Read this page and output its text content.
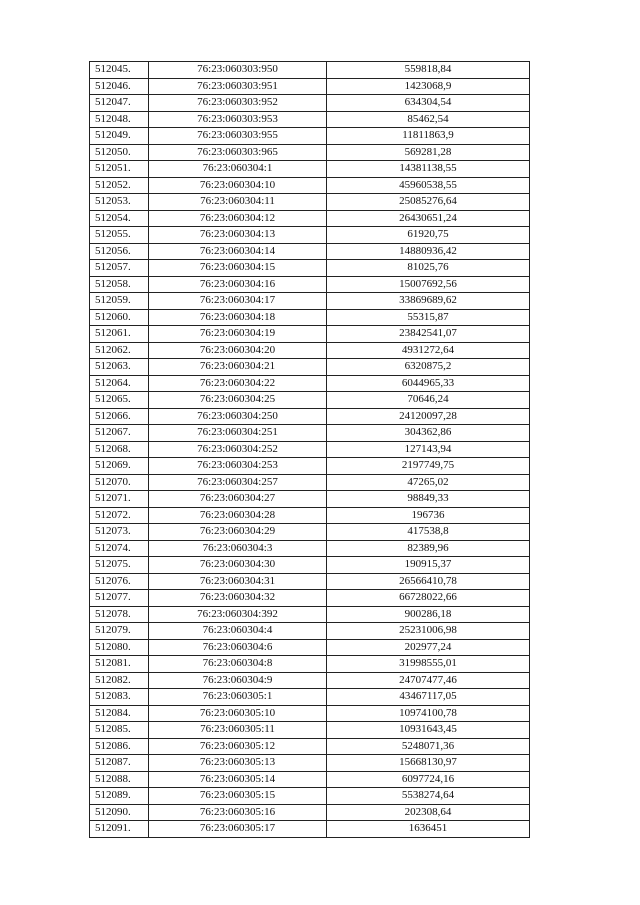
512045.	76:23:060303:950	559818,84
512046.	76:23:060303:951	1423068,9
512047.	76:23:060303:952	634304,54
512048.	76:23:060303:953	85462,54
512049.	76:23:060303:955	11811863,9
512050.	76:23:060303:965	569281,28
512051.	76:23:060304:1	14381138,55
512052.	76:23:060304:10	45960538,55
512053.	76:23:060304:11	25085276,64
512054.	76:23:060304:12	26430651,24
512055.	76:23:060304:13	61920,75
512056.	76:23:060304:14	14880936,42
512057.	76:23:060304:15	81025,76
512058.	76:23:060304:16	15007692,56
512059.	76:23:060304:17	33869689,62
512060.	76:23:060304:18	55315,87
512061.	76:23:060304:19	23842541,07
512062.	76:23:060304:20	4931272,64
512063.	76:23:060304:21	6320875,2
512064.	76:23:060304:22	6044965,33
512065.	76:23:060304:25	70646,24
512066.	76:23:060304:250	24120097,28
512067.	76:23:060304:251	304362,86
512068.	76:23:060304:252	127143,94
512069.	76:23:060304:253	2197749,75
512070.	76:23:060304:257	47265,02
512071.	76:23:060304:27	98849,33
512072.	76:23:060304:28	196736
512073.	76:23:060304:29	417538,8
512074.	76:23:060304:3	82389,96
512075.	76:23:060304:30	190915,37
512076.	76:23:060304:31	26566410,78
512077.	76:23:060304:32	66728022,66
512078.	76:23:060304:392	900286,18
512079.	76:23:060304:4	25231006,98
512080.	76:23:060304:6	202977,24
512081.	76:23:060304:8	31998555,01
512082.	76:23:060304:9	24707477,46
512083.	76:23:060305:1	43467117,05
512084.	76:23:060305:10	10974100,78
512085.	76:23:060305:11	10931643,45
512086.	76:23:060305:12	5248071,36
512087.	76:23:060305:13	15668130,97
512088.	76:23:060305:14	6097724,16
512089.	76:23:060305:15	5538274,64
512090.	76:23:060305:16	202308,64
512091.	76:23:060305:17	1636451
